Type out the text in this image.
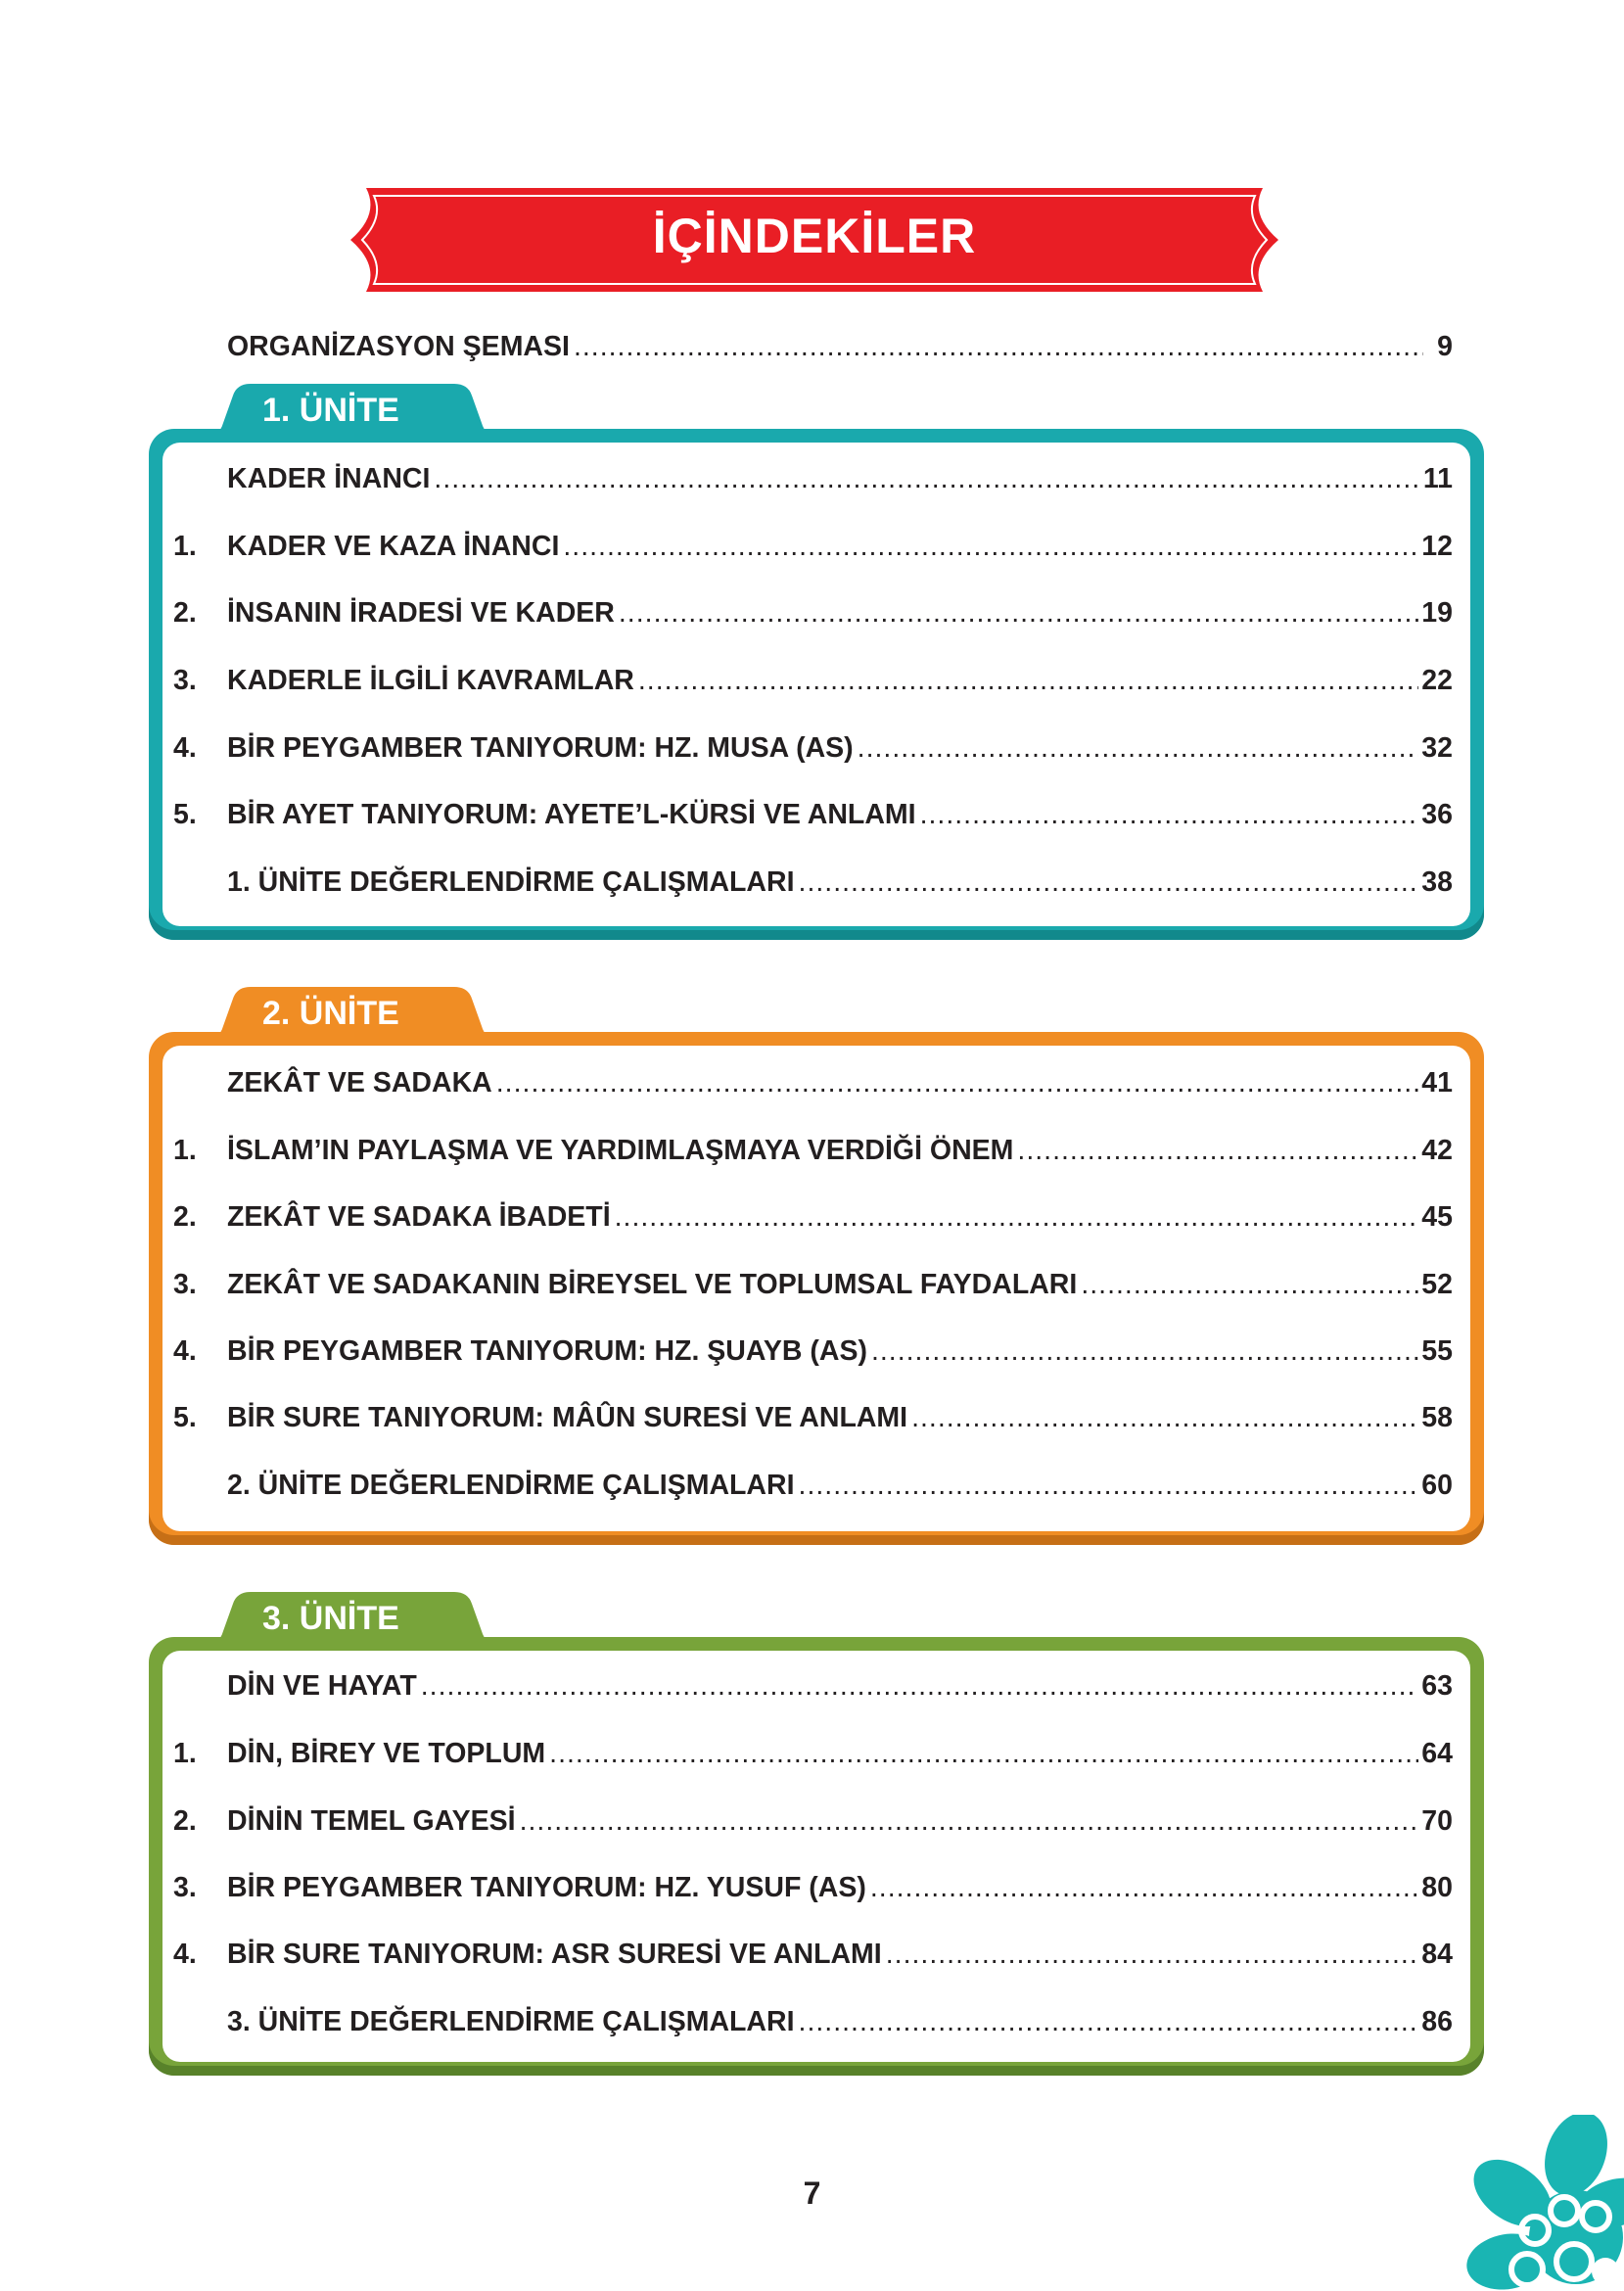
İÇİNDEKİLER
ORGANİZASYON ŞEMASI .....	9
1. ÜNİTE
KADER İNANCI .....	11
1. KADER VE KAZA İNANCI .....	12
2. İNSANIN İRADESİ VE KADER .....	19
3. KADERLE İLGİLİ KAVRAMLAR .....	22
4. BİR PEYGAMBER TANIYORUM: HZ. MUSA (AS) .....	32
5. BİR AYET TANIYORUM: AYETE’L-KÜRSİ VE ANLAMI .....	36
1. ÜNİTE DEĞERLENDİRME ÇALIŞMALARI .....	38
2. ÜNİTE
ZEKÂT VE SADAKA .....	41
1. İSLAM’IN PAYLAŞMA VE YARDIMLAŞMAYA VERDİĞİ ÖNEM .....	42
2. ZEKÂT VE SADAKA İBADETİ .....	45
3. ZEKÂT VE SADAKANIN BİREYSEL VE TOPLUMSAL FAYDALARI .....	52
4. BİR PEYGAMBER TANIYORUM: HZ. ŞUAYB (AS) .....	55
5. BİR SURE TANIYORUM: MÂÛN SURESİ VE ANLAMI .....	58
2. ÜNİTE DEĞERLENDİRME ÇALIŞMALARI .....	60
3. ÜNİTE
DİN VE HAYAT .....	63
1. DİN, BİREY VE TOPLUM .....	64
2. DİNİN TEMEL GAYESİ .....	70
3. BİR PEYGAMBER TANIYORUM: HZ. YUSUF (AS) .....	80
4. BİR SURE TANIYORUM: ASR SURESİ VE ANLAMI .....	84
3. ÜNİTE DEĞERLENDİRME ÇALIŞMALARI .....	86
7
